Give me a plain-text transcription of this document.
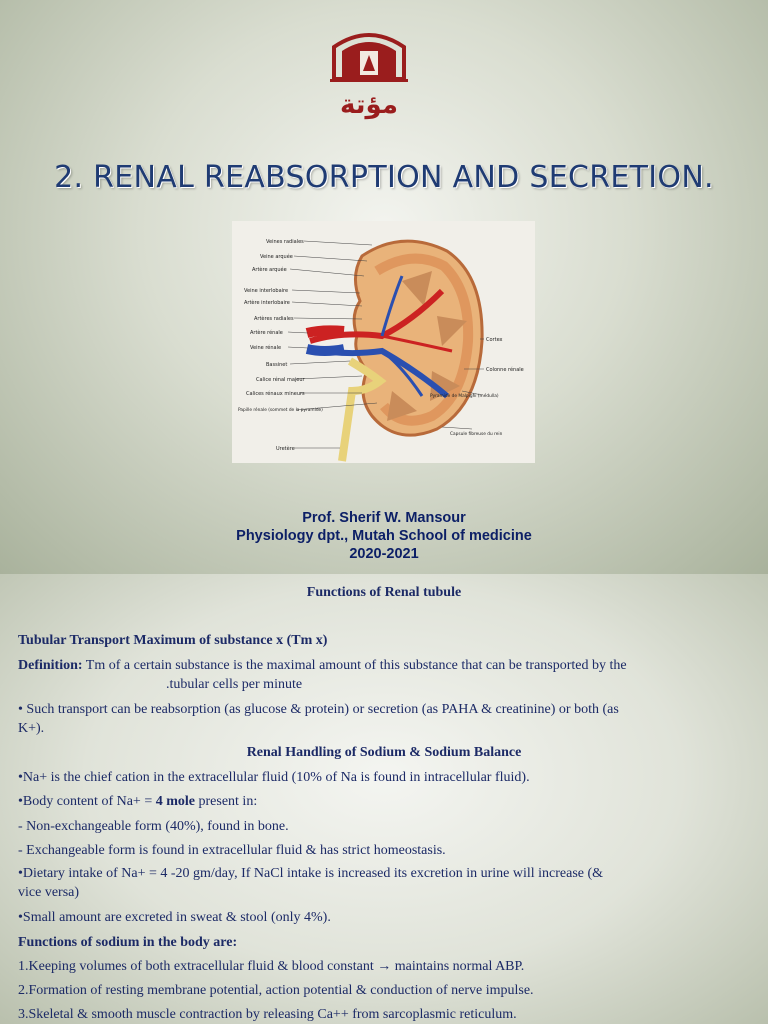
مؤتة
2. RENAL REABSORPTION AND SECRETION.
Veines radiales
Veine arquée
Artère arquée
Veine interlobaire
Artère interlobaire
Artères radiales
Artère rénale
Veine rénale
Bassinet
Calice rénal majeur
Calices rénaux mineurs
Papille rénale (sommet de la pyramide)
Uretère
Cortex
Colonne rénale
Pyramide de Malpighi (médulla)
Capsule fibreuse du rein
Prof. Sherif W. Mansour
Physiology dpt., Mutah School of medicine
2020-2021
Functions of Renal tubule
Tubular Transport Maximum of substance x (Tm x)
Definition: Tm of a certain substance is the maximal amount of this substance that can be transported by the
.tubular cells per minute
• Such transport can be reabsorption (as glucose & protein) or secretion (as PAHA & creatinine) or both (as
K+).
Renal Handling of Sodium & Sodium Balance
•Na+ is the chief cation in the extracellular fluid (10% of Na is found in intracellular fluid).
•Body content of Na+ = 4 mole present in:
- Non-exchangeable form (40%), found in bone.
- Exchangeable form is found in extracellular fluid & has strict homeostasis.
•Dietary intake of Na+ = 4 -20 gm/day, If NaCl intake is increased its excretion in urine will increase (&
vice versa)
•Small amount are excreted in sweat & stool (only 4%).
Functions of sodium in the body are:
1.Keeping volumes of both extracellular fluid & blood constant → maintains normal ABP.
2.Formation of resting membrane potential, action potential & conduction of nerve impulse.
3.Skeletal & smooth muscle contraction by releasing Ca++ from sarcoplasmic reticulum.
